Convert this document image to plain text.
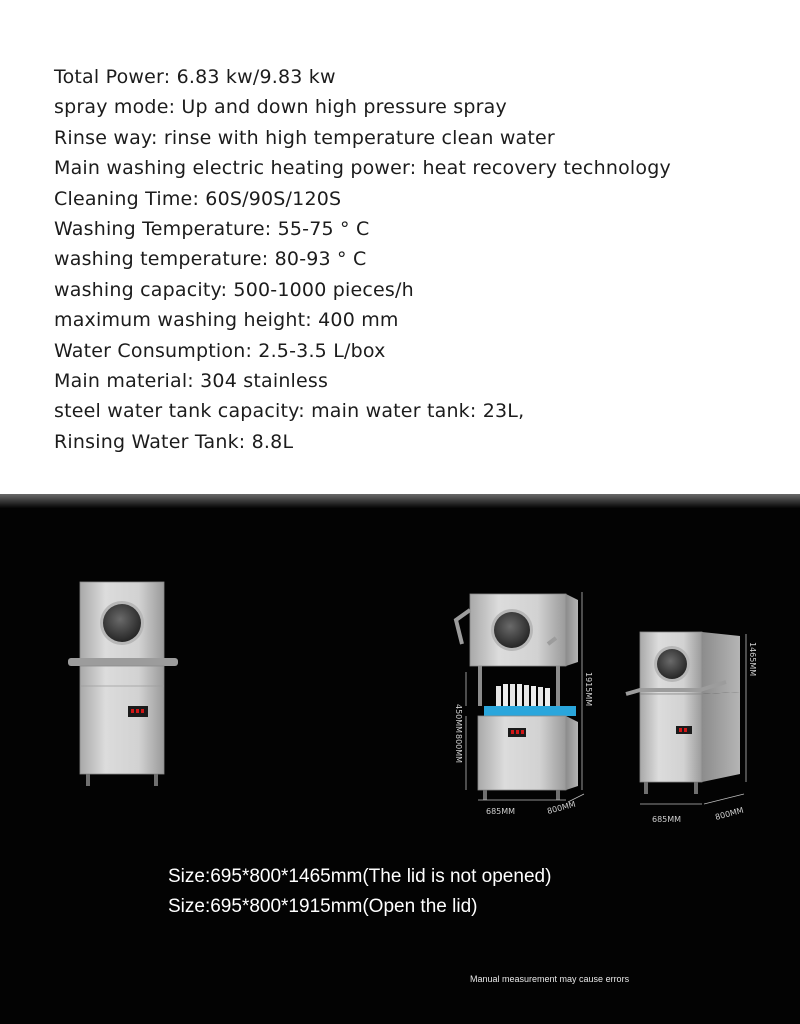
Total Power: 6.83 kw/9.83 kw
spray mode: Up and down high pressure spray
Rinse way: rinse with high temperature clean water
Main washing electric heating power: heat recovery technology
Cleaning Time: 60S/90S/120S
Washing Temperature: 55-75 ° C
washing temperature: 80-93 ° C
washing capacity: 500-1000 pieces/h
maximum washing height: 400 mm
Water Consumption: 2.5-3.5 L/box
Main material: 304 stainless
steel water tank capacity: main water tank: 23L,
Rinsing Water Tank: 8.8L
450MM
800MM
1915MM
685MM	800MM
1465MM
685MM	800MM
Size:695*800*1465mm(The lid is not opened)
Size:695*800*1915mm(Open the lid)
Manual measurement may cause errors
